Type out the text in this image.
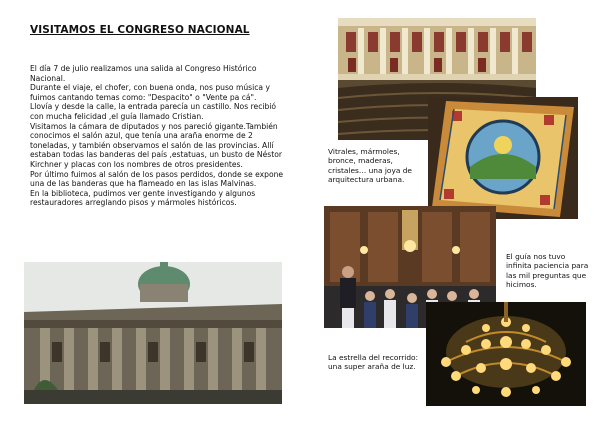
VISITAMOS EL CONGRESO NACIONAL

El día 7 de julio realizamos una salida al Congreso Histórico Nacional.

Durante el viaje, el chofer, con buena onda, nos puso música y fuimos cantando temas como: "Despacito" o "Vente pa cá".

Llovía y desde la calle, la entrada parecía un castillo. Nos recibió con mucha felicidad ,el guía llamado Cristian.

Visitamos la cámara de diputados y nos pareció gigante.También conocimos el salón azul, que tenía una araña enorme de 2 toneladas, y también observamos el salón de las provincias. Allí estaban todas las banderas del país ,estatuas, un busto de Néstor Kirchner y placas con los nombres de otros presidentes.

Por último fuimos al salón de los pasos perdidos, donde se expone una de las banderas que ha flameado en las islas Malvinas.

En la biblioteca, pudimos ver gente investigando y algunos restauradores arreglando pisos y mármoles históricos.

Vitrales, mármoles, bronce, maderas, cristales… una joya de arquitectura urbana.
El guía nos tuvo infinita paciencia para las mil preguntas que hicimos.
La estrella del recorrido: una super araña de luz.
